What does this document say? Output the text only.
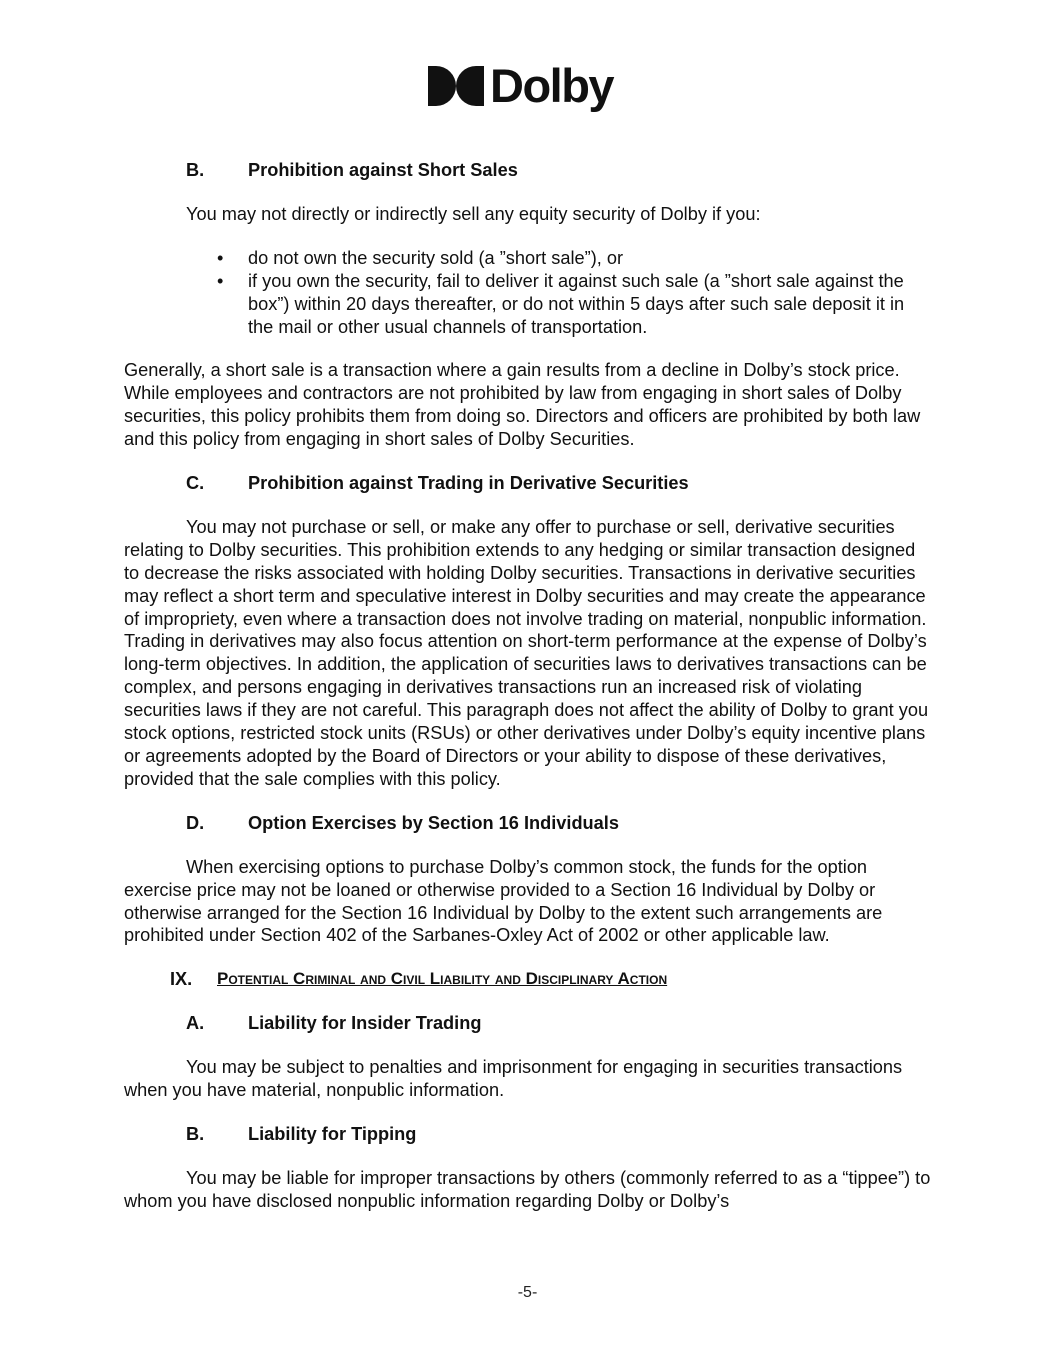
Dolby
B.	Prohibition against Short Sales

You may not directly or indirectly sell any equity security of Dolby if you:

•	do not own the security sold (a ”short sale”), or
•	if you own the security, fail to deliver it against such sale (a ”short sale against the box”) within 20 days thereafter, or do not within 5 days after such sale deposit it in the mail or other usual channels of transportation.

Generally, a short sale is a transaction where a gain results from a decline in Dolby’s stock price. While employees and contractors are not prohibited by law from engaging in short sales of Dolby securities, this policy prohibits them from doing so. Directors and officers are prohibited by both law and this policy from engaging in short sales of Dolby Securities.

C.	Prohibition against Trading in Derivative Securities

You may not purchase or sell, or make any offer to purchase or sell, derivative securities relating to Dolby securities. This prohibition extends to any hedging or similar transaction designed to decrease the risks associated with holding Dolby securities. Transactions in derivative securities may reflect a short term and speculative interest in Dolby securities and may create the appearance of impropriety, even where a transaction does not involve trading on material, nonpublic information. Trading in derivatives may also focus attention on short-term performance at the expense of Dolby’s long-term objectives. In addition, the application of securities laws to derivatives transactions can be complex, and persons engaging in derivatives transactions run an increased risk of violating securities laws if they are not careful. This paragraph does not affect the ability of Dolby to grant you stock options, restricted stock units (RSUs) or other derivatives under Dolby’s equity incentive plans or agreements adopted by the Board of Directors or your ability to dispose of these derivatives, provided that the sale complies with this policy.

D.	Option Exercises by Section 16 Individuals

When exercising options to purchase Dolby’s common stock, the funds for the option exercise price may not be loaned or otherwise provided to a Section 16 Individual by Dolby or otherwise arranged for the Section 16 Individual by Dolby to the extent such arrangements are prohibited under Section 402 of the Sarbanes-Oxley Act of 2002 or other applicable law.

IX.	Potential Criminal and Civil Liability and Disciplinary Action
A.	Liability for Insider Trading

You may be subject to penalties and imprisonment for engaging in securities transactions when you have material, nonpublic information.

B.	Liability for Tipping

You may be liable for improper transactions by others (commonly referred to as a “tippee”) to whom you have disclosed nonpublic information regarding Dolby or Dolby’s

-5-
